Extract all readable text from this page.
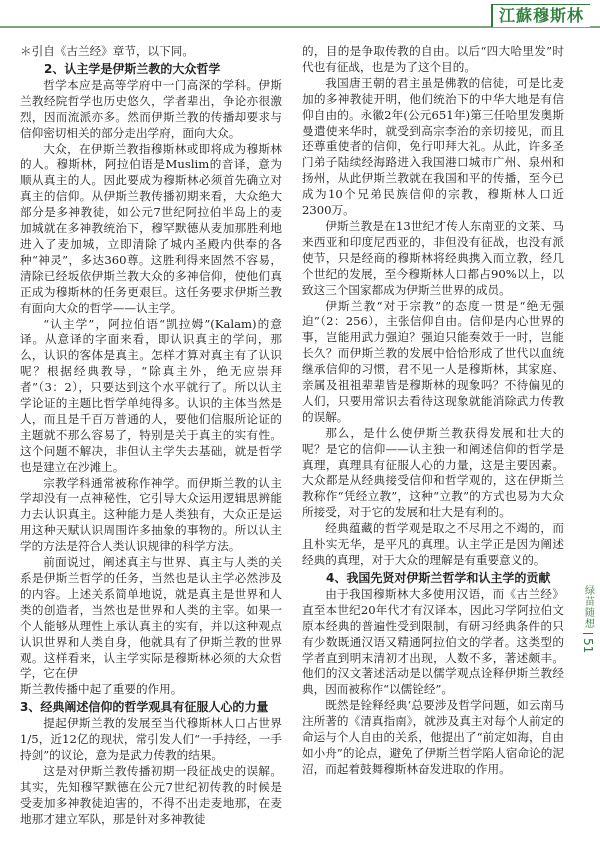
江蘇穆斯林

＊引自《古兰经》章节，以下同。

2、认主学是伊斯兰教的大众哲学

哲学本应是高等学府中一门高深的学科。伊斯兰教经院哲学也历史悠久，学者辈出，争论亦很激烈，因而流派亦多。然而伊斯兰教的传播却要求与信仰密切相关的部分走出学府，面向大众。

大众，在伊斯兰教指穆斯林或即将成为穆斯林的人。穆斯林，阿拉伯语是Muslim的音译，意为顺从真主的人。因此要成为穆斯林必须首先确立对真主的信仰。从伊斯兰教传播初期来看，大众绝大部分是多神教徒，如公元7世纪阿拉伯半岛上的麦加城就在多神教统治下，穆罕默德从麦加那胜利地进入了麦加城，立即清除了城内圣殿内供奉的各种“神灵”，多达360尊。这胜利得来固然不容易，清除已经坂依伊斯兰教大众的多神信仰，使他们真正成为穆斯林的任务更艰巨。这任务要求伊斯兰教有面向大众的哲学——认主学。

“认主学”，阿拉伯语“凯拉姆”(Kalam)的意译。从意译的字面来看，即认识真主的学问，那么，认识的客体是真主。怎样才算对真主有了认识呢？根据经典教导，“除真主外，绝无应崇拜者”（3：2），只要达到这个水平就行了。所以认主学论证的主题比哲学单纯得多。认识的主体当然是人，而且是千百万普通的人，要他们信服所论证的主题就不那么容易了，特别是关于真主的实有性。这个问题不解决，非但认主学失去基础，就是哲学也是建立在沙滩上。

宗教学科通常被称作神学。而伊斯兰教的认主学却没有一点神秘性，它引导大众运用逻辑思辨能力去认识真主。这种能力是人类独有，大众正是运用这种天赋认识周围许多抽象的事物的。所以认主学的方法是符合人类认识规律的科学方法。

前面说过，阐述真主与世界、真主与人类的关系是伊斯兰哲学的任务，当然也是认主学必然涉及的内容。上述关系简单地说，就是真主是世界和人类的创造者，当然也是世界和人类的主宰。如果一个人能够从理性上承认真主的实有，并以这种观点认识世界和人类自身，他就具有了伊斯兰教的世界观。这样看来，认主学实际是穆斯林必须的大众哲学，它在伊

斯兰教传播中起了重要的作用。

3、经典阐述信仰的哲学观具有征服人心的力量

提起伊斯兰教的发展至当代穆斯林人口占世界1/5，近12亿的现状，常引发人们“一手持经，一手持剑”的议论，意为是武力传教的结果。

这是对伊斯兰教传播初期一段征战史的误解。其实，先知穆罕默德在公元7世纪初传教的时候是受麦加多神教徒迫害的，不得不出走麦地那，在麦地那才建立军队，那是针对多神教徒

的，目的是争取传教的自由。以后“四大哈里发”时代也有征战，也是为了这个目的。

我国唐王朝的君主虽是佛教的信徒，可是比麦加的多神教徒开明，他们统治下的中华大地是有信仰自由的。永徽2年(公元651年)第三任哈里发奥斯曼遣使来华时，就受到高宗李治的亲切接见，而且还尊重使者的信仰，免行叩拜大礼。从此，许多圣门弟子陆续经海路进入我国港口城市广州、泉州和扬州，从此伊斯兰教就在我国和平的传播，至今已成为10个兄弟民族信仰的宗教，穆斯林人口近2300万。

伊斯兰教是在13世纪才传人东南亚的文莱、马来西亚和印度尼西亚的，非但没有征战，也没有派使节，只是经商的穆斯林将经典携入而立教，经几个世纪的发展，至今穆斯林人口都占90%以上，以致这三个国家都成为伊斯兰世界的成员。

伊斯兰教“对于宗教”的态度一贯是“绝无强迫”（2：256），主张信仰自由。信仰是内心世界的事，岂能用武力强迫？强迫只能奏效于一时，岂能长久？而伊斯兰教的发展中恰恰形成了世代以血统继承信仰的习惯，君不见一人是穆斯林，其家庭、亲属及祖祖辈辈皆是穆斯林的现象吗？不待偏见的人们，只要用常识去看待这现象就能消除武力传教的误解。

那么，是什么使伊斯兰教获得发展和壮大的呢？是它的信仰——认主独一和阐述信仰的哲学是真理，真理具有征服人心的力量，这是主要因素。大众都是从经典接受信仰和哲学观的，这在伊斯兰教称作“凭经立教”，这种“立教”的方式也易为大众所接受，对于它的发展和壮大是有利的。

经典蕴藏的哲学观是取之不尽用之不竭的，而且朴实无华，是平凡的真理。认主学正是因为阐述经典的真理，对于大众的理解是有重要意义的。

4、我国先贤对伊斯兰哲学和认主学的贡献

由于我国穆斯林大多使用汉语，而《古兰经》直至本世纪20年代才有汉译本，因此习学阿拉伯文原本经典的普遍性受到限制，有研习经典条件的只有少数既通汉语又精通阿拉伯文的学者。这类型的学者直到明末清初才出现，人数不多，著述颇丰。他们的汉文著述活动是以儒学观点诠释伊斯兰教经典，因而被称作“以儒铨经”。

既然是铨释经典‘总要涉及哲学问题，如云南马注所著的《清真指南》，就涉及真主对每个人前定的命运与个人自由的关系，他提出了“前定如海，自由如小舟”的论点，避免了伊斯兰哲学陷人宿命论的泥沼，而起着鼓舞穆斯林奋发进取的作用。

绿苗随想
51
